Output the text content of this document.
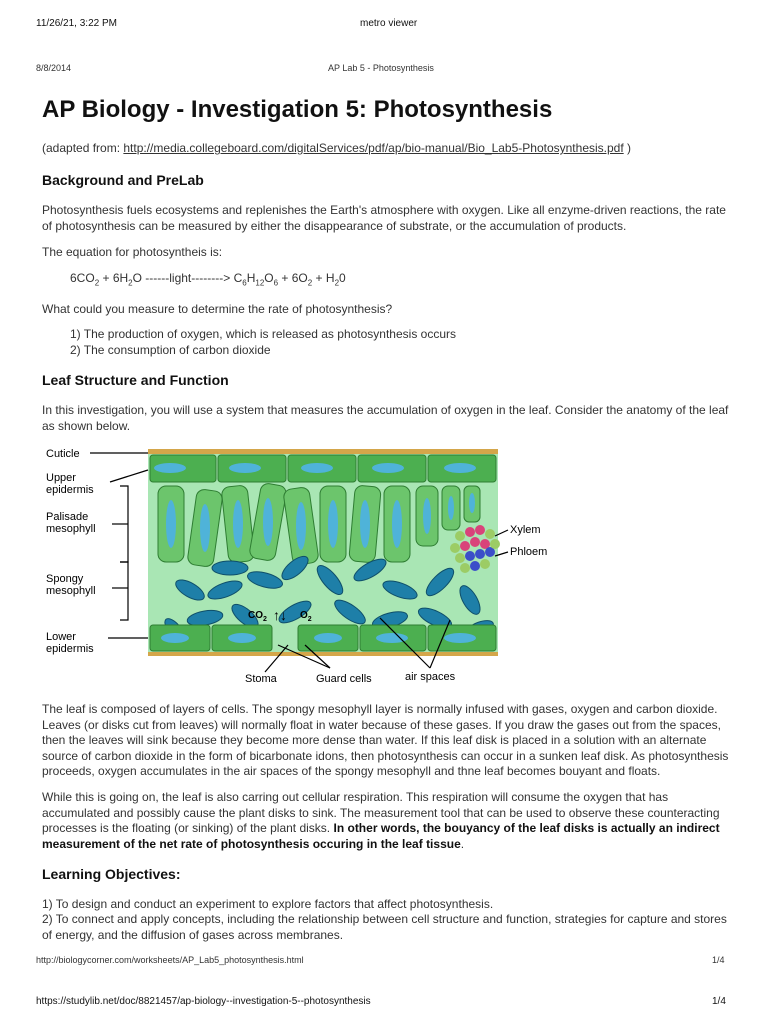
11/26/21, 3:22 PM	metro viewer
8/8/2014	AP Lab 5 - Photosynthesis
AP Biology - Investigation 5: Photosynthesis
(adapted from: http://media.collegeboard.com/digitalServices/pdf/ap/bio-manual/Bio_Lab5-Photosynthesis.pdf )
Background and PreLab
Photosynthesis fuels ecosystems and replenishes the Earth's atmosphere with oxygen. Like all enzyme-driven reactions, the rate of photosynthesis can be measured by either the disappearance of substrate, or the accumulation of products.
The equation for photosyntheis is:
$6CO_2 + 6H_2O$ ------light--------> $C_6H_{12}O_6 + 6O_2 + H_20$
What could you measure to determine the rate of photosynthesis?
1) The production of oxygen, which is released as photosynthesis occurs
2) The consumption of carbon dioxide
Leaf Structure and Function
In this investigation, you will use a system that measures the accumulation of oxygen in the leaf. Consider the anatomy of the leaf as shown below.
$CO_2$ ↑↓ $O_2$
Cuticle
Upper
epidermis
Palisade
mesophyll
Spongy
mesophyll
Lower
epidermis
Xylem
Phloem
Stoma	Guard cells	air spaces
The leaf is composed of layers of cells. The spongy mesophyll layer is normally infused with gases, oxygen and carbon dioxide. Leaves (or disks cut from leaves) will normally float in water because of these gases. If you draw the gases out from the spaces, then the leaves will sink because they become more dense than water. If this leaf disk is placed in a solution with an alternate source of carbon dioxide in the form of bicarbonate idons, then photosynthesis can occur in a sunken leaf disk. As photosynthesis proceeds, oxygen accumulates in the air spaces of the spongy mesophyll and thne leaf becomes bouyant and floats.
While this is going on, the leaf is also carring out cellular respiration. This respiration will consume the oxygen that has accumulated and possibly cause the plant disks to sink. The measurement tool that can be used to observe these counteracting processes is the floating (or sinking) of the plant disks. In other words, the bouyancy of the leaf disks is actually an indirect measurement of the net rate of photosynthesis occuring in the leaf tissue.
Learning Objectives:
1) To design and conduct an experiment to explore factors that affect photosynthesis.
2) To connect and apply concepts, including the relationship between cell structure and function, strategies for capture and stores of energy, and the diffusion of gases across membranes.
http://biologycorner.com/worksheets/AP_Lab5_photosynthesis.html	1/4
https://studylib.net/doc/8821457/ap-biology--investigation-5--photosynthesis	1/4
